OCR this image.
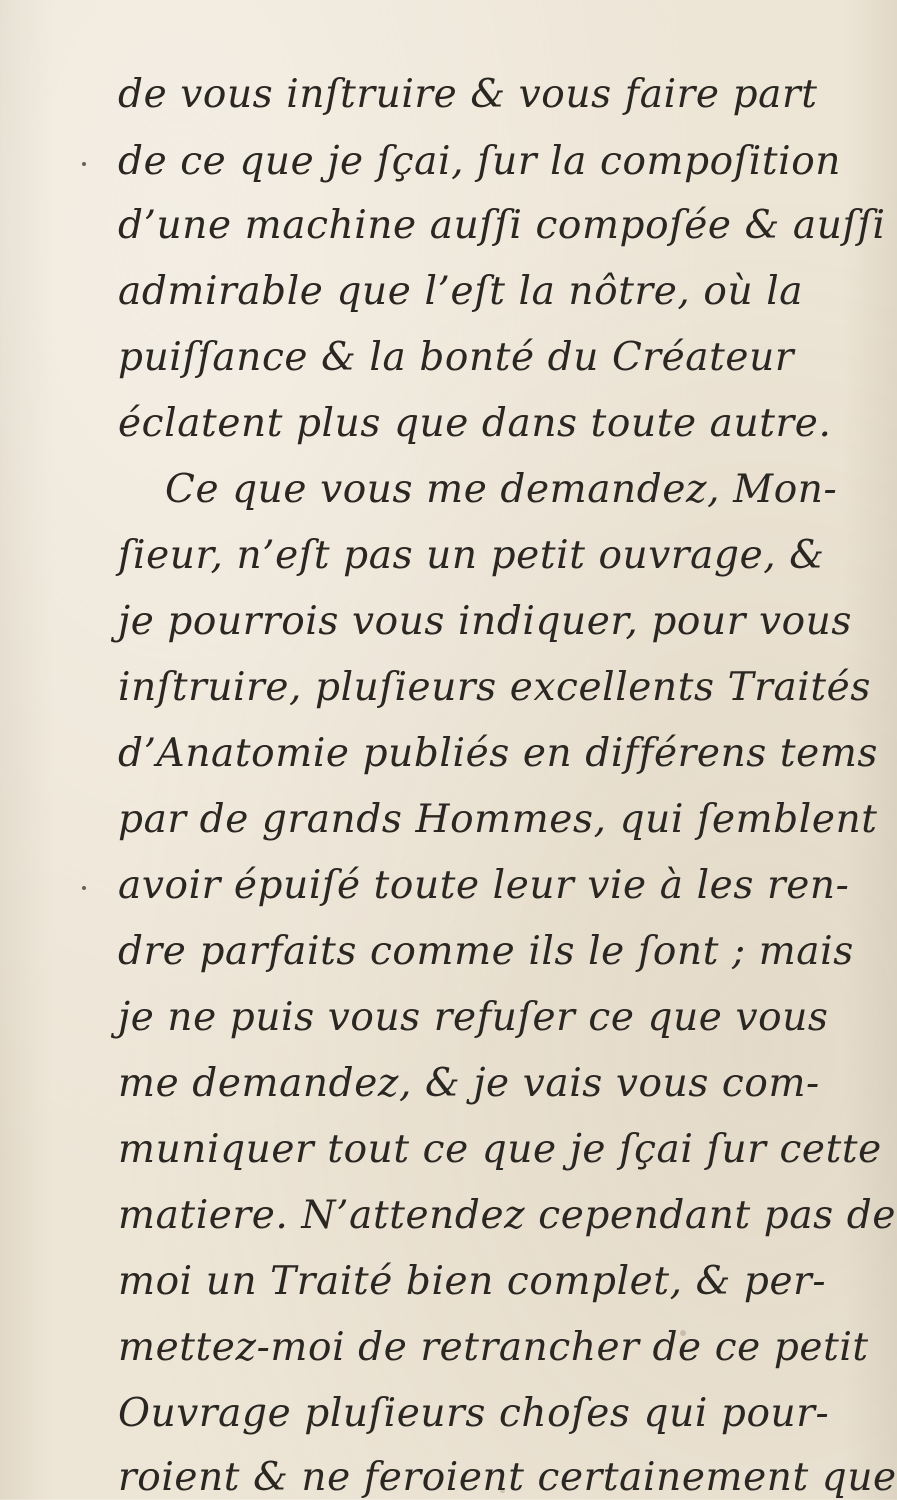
de vous inſtruire & vous faire part

de ce que je ſçai, ſur la compoſition

d’une machine auſſi compoſée & auſſi

admirable que l’eſt la nôtre, où la

puiſſance & la bonté du Créateur

éclatent plus que dans toute autre.

Ce que vous me demandez, Mon-

ſieur, n’eſt pas un petit ouvrage, &

je pourrois vous indiquer, pour vous

inſtruire, pluſieurs excellents Traités

d’Anatomie publiés en différens tems

par de grands Hommes, qui ſemblent

avoir épuiſé toute leur vie à les ren-

dre parfaits comme ils le ſont ; mais

je ne puis vous refuſer ce que vous

me demandez, & je vais vous com-

muniquer tout ce que je ſçai ſur cette

matiere. N’attendez cependant pas de

moi un Traité bien complet, & per-

mettez-moi de retrancher de ce petit

Ouvrage pluſieurs choſes qui pour-

roient & ne feroient certainement que
